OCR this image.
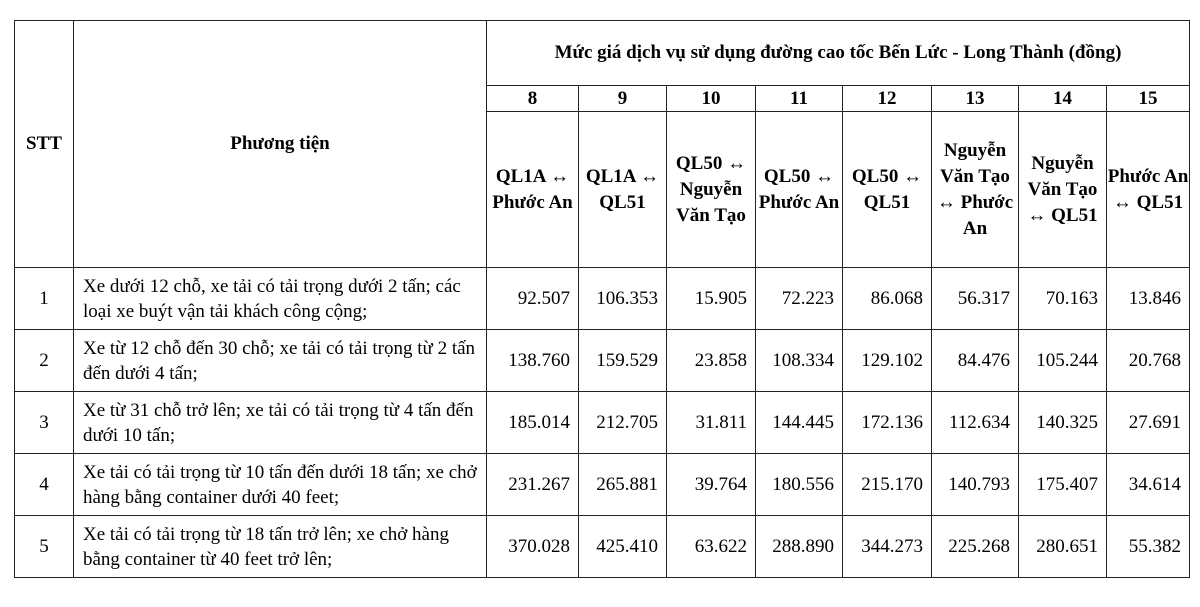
STT	Phương tiện	Mức giá dịch vụ sử dụng đường cao tốc Bến Lức - Long Thành (đồng)							
		8	9	10	11	12	13	14	15
		QL1A ↔ Phước An	QL1A ↔ QL51	QL50 ↔ Nguyễn Văn Tạo	QL50 ↔ Phước An	QL50 ↔ QL51	Nguyễn Văn Tạo ↔ Phước An	Nguyễn Văn Tạo ↔ QL51	Phước An ↔ QL51
1	Xe dưới 12 chỗ, xe tải có tải trọng dưới 2 tấn; các loại xe buýt vận tải khách công cộng;	92.507	106.353	15.905	72.223	86.068	56.317	70.163	13.846
2	Xe từ 12 chỗ đến 30 chỗ; xe tải có tải trọng từ 2 tấn đến dưới 4 tấn;	138.760	159.529	23.858	108.334	129.102	84.476	105.244	20.768
3	Xe từ 31 chỗ trở lên; xe tải có tải trọng từ 4 tấn đến dưới 10 tấn;	185.014	212.705	31.811	144.445	172.136	112.634	140.325	27.691
4	Xe tải có tải trọng từ 10 tấn đến dưới 18 tấn; xe chở hàng bằng container dưới 40 feet;	231.267	265.881	39.764	180.556	215.170	140.793	175.407	34.614
5	Xe tải có tải trọng từ 18 tấn trở lên; xe chở hàng bằng container từ 40 feet trở lên;	370.028	425.410	63.622	288.890	344.273	225.268	280.651	55.382
